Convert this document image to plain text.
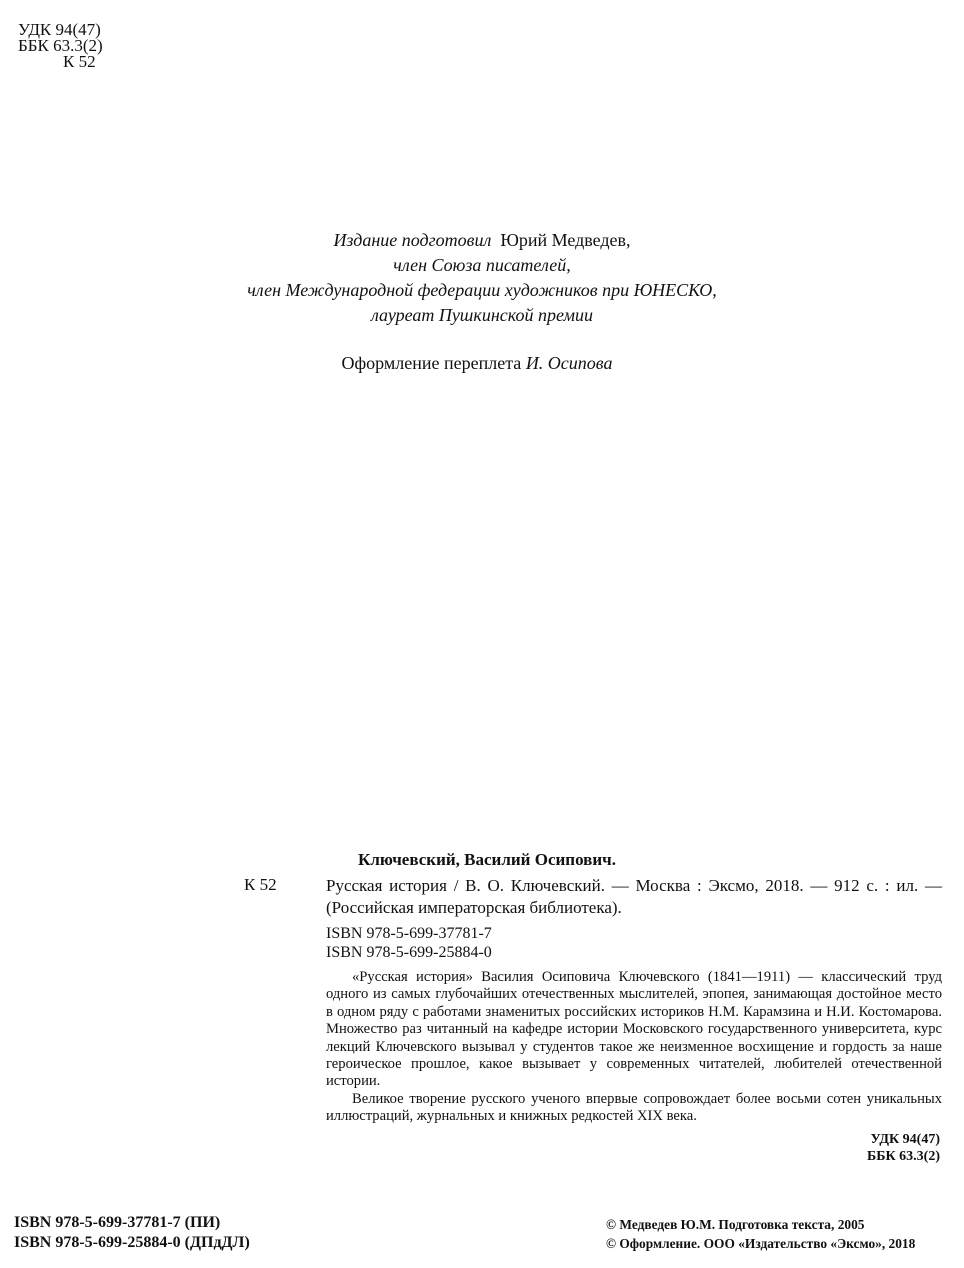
УДК 94(47)
ББК 63.3(2)
К 52
Издание подготовил Юрий Медведев,
член Союза писателей,
член Международной федерации художников при ЮНЕСКО,
лауреат Пушкинской премии
Оформление переплета И. Осипова
Ключевский, Василий Осипович.
К 52	Русская история / В. О. Ключевский. — Москва : Эксмо, 2018. — 912 с. : ил. — (Российская императорская библиотека).
ISBN 978-5-699-37781-7
ISBN 978-5-699-25884-0

«Русская история» Василия Осиповича Ключевского (1841—1911) — классический труд одного из самых глубочайших отечественных мыслителей, эпопея, занимающая достойное место в одном ряду с работами знаменитых российских историков Н.М. Карамзина и Н.И. Костомарова. Множество раз читанный на кафедре истории Московского государственного университета, курс лекций Ключевского вызывал у студентов такое же неизменное восхищение и гордость за наше героическое прошлое, какое вызывает у современных читателей, любителей отечественной истории.

Великое творение русского ученого впервые сопровождает более восьми сотен уникальных иллюстраций, журнальных и книжных редкостей XIX века.

УДК 94(47)
ББК 63.3(2)
ISBN 978-5-699-37781-7 (ПИ)
ISBN 978-5-699-25884-0 (ДПдДЛ)
© Медведев Ю.М. Подготовка текста, 2005
© Оформление. ООО «Издательство «Эксмо», 2018
